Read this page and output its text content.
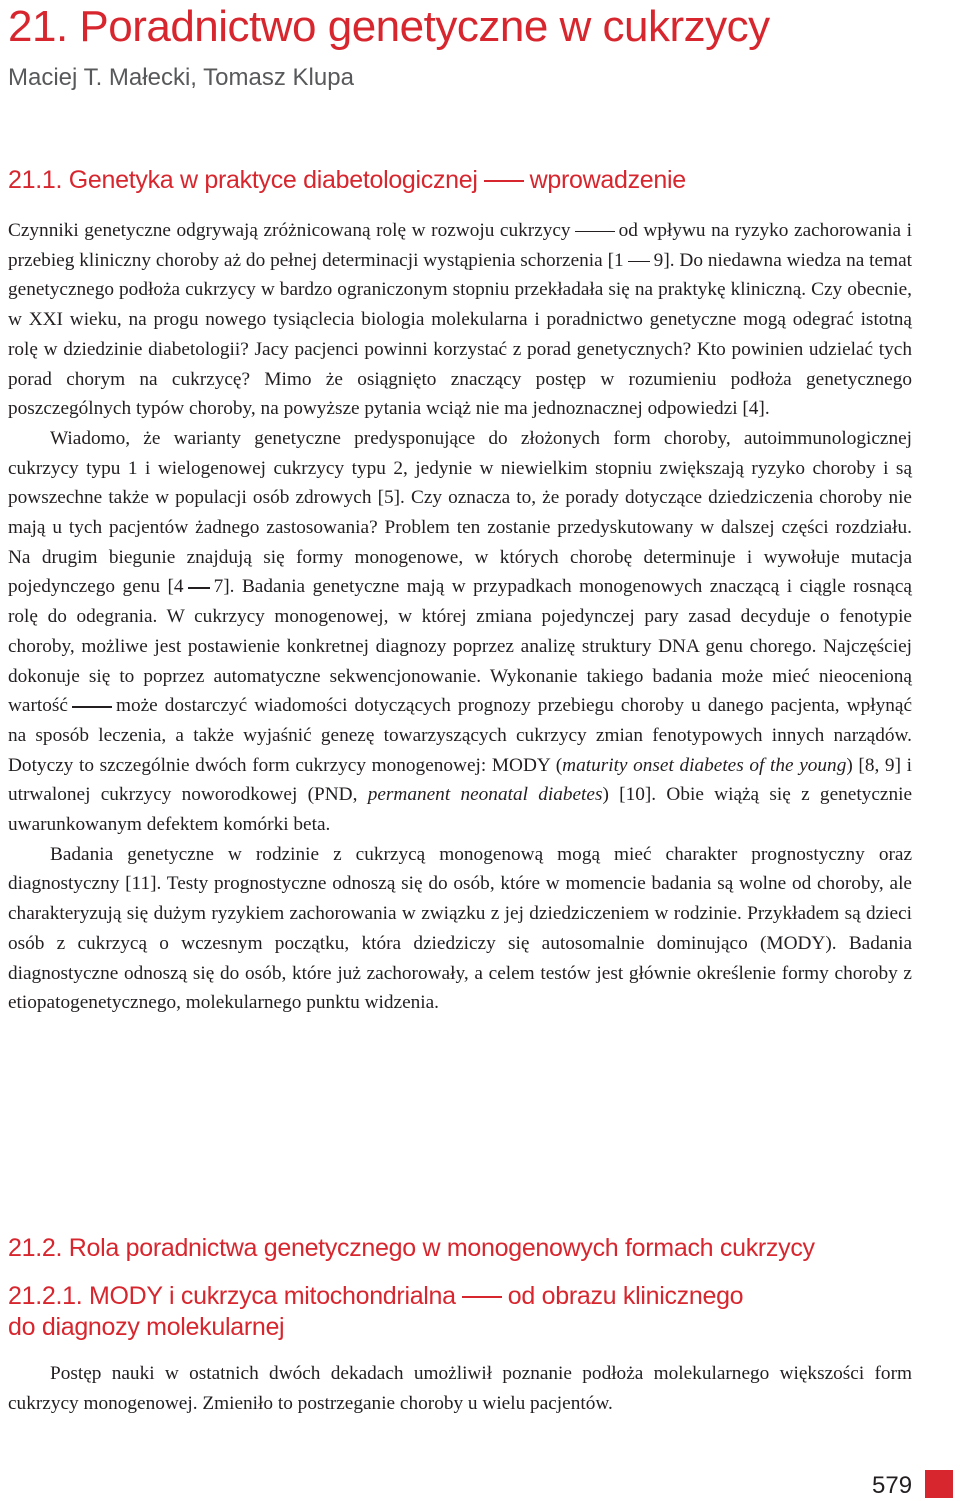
21. Poradnictwo genetyczne w cukrzycy

Maciej T. Małecki, Tomasz Klupa

21.1. Genetyka w praktyce diabetologicznej wprowadzenie

Czynniki genetyczne odgrywają zróżnicowaną rolę w rozwoju cukrzycy od wpływu na ryzyko zachorowania i przebieg kliniczny choroby aż do pełnej determinacji wystąpienia schorzenia [1 9]. Do niedawna wiedza na temat genetycznego podłoża cukrzycy w bardzo ograniczonym stopniu przekładała się na praktykę kliniczną. Czy obecnie, w XXI wieku, na progu nowego tysiąclecia biologia molekularna i poradnictwo genetyczne mogą odegrać istotną rolę w dziedzinie diabetologii? Jacy pacjenci powinni korzystać z porad genetycznych? Kto powinien udzielać tych porad chorym na cukrzycę? Mimo że osiągnięto znaczący postęp w rozumieniu podłoża genetycznego poszczególnych typów choroby, na powyższe pytania wciąż nie ma jednoznacznej odpowiedzi [4].

Wiadomo, że warianty genetyczne predysponujące do złożonych form choroby, autoimmunologicznej cukrzycy typu 1 i wielogenowej cukrzycy typu 2, jedynie w niewielkim stopniu zwiększają ryzyko choroby i są powszechne także w populacji osób zdrowych [5]. Czy oznacza to, że porady dotyczące dziedziczenia choroby nie mają u tych pacjentów żadnego zastosowania? Problem ten zostanie przedyskutowany w dalszej części rozdziału. Na drugim biegunie znajdują się formy monogenowe, w których chorobę determinuje i wywołuje mutacja pojedynczego genu [4 7]. Badania genetyczne mają w przypadkach monogenowych znaczącą i ciągle rosnącą rolę do odegrania. W cukrzycy monogenowej, w której zmiana pojedynczej pary zasad decyduje o fenotypie choroby, możliwe jest postawienie konkretnej diagnozy poprzez analizę struktury DNA genu chorego. Najczęściej dokonuje się to poprzez automatyczne sekwencjonowanie. Wykonanie takiego badania może mieć nieocenioną wartość może dostarczyć wiadomości dotyczących prognozy przebiegu choroby u danego pacjenta, wpłynąć na sposób leczenia, a także wyjaśnić genezę towarzyszących cukrzycy zmian fenotypowych innych narządów. Dotyczy to szczególnie dwóch form cukrzycy monogenowej: MODY (maturity onset diabetes of the young) [8, 9] i utrwalonej cukrzycy noworodkowej (PND, permanent neonatal diabetes) [10]. Obie wiążą się z genetycznie uwarunkowanym defektem komórki beta.

Badania genetyczne w rodzinie z cukrzycą monogenową mogą mieć charakter prognostyczny oraz diagnostyczny [11]. Testy prognostyczne odnoszą się do osób, które w momencie badania są wolne od choroby, ale charakteryzują się dużym ryzykiem zachorowania w związku z jej dziedziczeniem w rodzinie. Przykładem są dzieci osób z cukrzycą o wczesnym początku, która dziedziczy się autosomalnie dominująco (MODY). Badania diagnostyczne odnoszą się do osób, które już zachorowały, a celem testów jest głównie określenie formy choroby z etiopatogenetycznego, molekularnego punktu widzenia.

21.2. Rola poradnictwa genetycznego w monogenowych formach cukrzycy
21.2.1. MODY i cukrzyca mitochondrialna od obrazu klinicznego
do diagnozy molekularnej

Postęp nauki w ostatnich dwóch dekadach umożliwił poznanie podłoża molekularnego większości form cukrzycy monogenowej. Zmieniło to postrzeganie choroby u wielu pacjentów.

579
